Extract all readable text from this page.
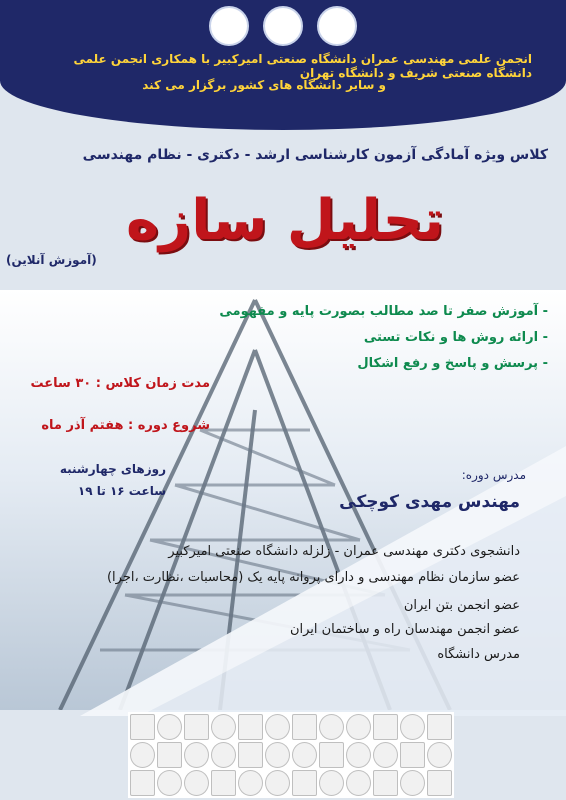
انجمن علمی مهندسی عمران دانشگاه صنعتی امیرکبیر با همکاری انجمن علمی دانشگاه صنعتی شریف و دانشگاه تهران
و سایر دانشگاه های کشور برگزار می کند
کلاس ویژه آمادگی آزمون کارشناسی ارشد - دکتری - نظام مهندسی
تحلیل سازه
(آموزش آنلاین)
- آموزش صفر تا صد مطالب بصورت پایه و مفهومی
- ارائه روش ها و نکات تستی
- پرسش و پاسخ و رفع اشکال
مدت زمان کلاس : ۳۰ ساعت
شروع دوره : هفتم آذر ماه
روزهای چهارشنبه
ساعت ۱۶ تا ۱۹
مدرس دوره:
مهندس مهدی کوچکی
دانشجوی دکتری مهندسی عمران - زلزله دانشگاه صنعتی امیرکبیر
عضو سازمان نظام مهندسی و دارای پروانه پایه یک (محاسبات ،نظارت ،اجرا)
عضو انجمن بتن ایران
عضو انجمن مهندسان راه و ساختمان ایران
مدرس دانشگاه
